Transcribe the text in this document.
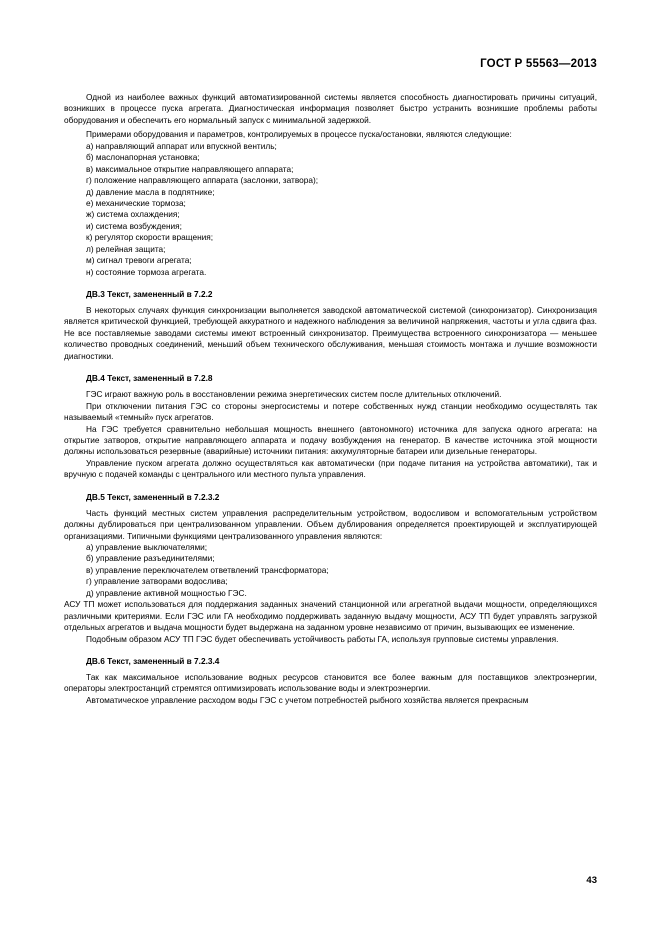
ГОСТ Р 55563—2013

Одной из наиболее важных функций автоматизированной системы является способность диагностировать причины ситуаций, возникших в процессе пуска агрегата. Диагностическая информация позволяет быстро устранить возникшие проблемы работы оборудования и обеспечить его нормальный запуск с минимальной задержкой.

Примерами оборудования и параметров, контролируемых в процессе пуска/остановки, являются следующие:

a) направляющий аппарат или впускной вентиль;
б) маслонапорная установка;
в) максимальное открытие направляющего аппарата;
г) положение направляющего аппарата (заслонки, затвора);
д) давление масла в подпятнике;
е) механические тормоза;
ж) система охлаждения;
и) система возбуждения;
к) регулятор скорости вращения;
л) релейная защита;
м) сигнал тревоги агрегата;
н) состояние тормоза агрегата.
ДВ.3 Текст, замененный в 7.2.2

В некоторых случаях функция синхронизации выполняется заводской автоматической системой (синхронизатор). Синхронизация является критической функцией, требующей аккуратного и надежного наблюдения за величиной напряжения, частоты и угла сдвига фаз. Не все поставляемые заводами системы имеют встроенный синхронизатор. Преимущества встроенного синхронизатора — меньшее количество проводных соединений, меньший объем технического обслуживания, меньшая стоимость монтажа и лучшие возможности диагностики.

ДВ.4 Текст, замененный в 7.2.8

ГЭС играют важную роль в восстановлении режима энергетических систем после длительных отключений.

При отключении питания ГЭС со стороны энергосистемы и потере собственных нужд станции необходимо осуществлять так называемый «темный» пуск агрегатов.

На ГЭС требуется сравнительно небольшая мощность внешнего (автономного) источника для запуска одного агрегата: на открытие затворов, открытие направляющего аппарата и подачу возбуждения на генератор. В качестве источника этой мощности должны использоваться резервные (аварийные) источники питания: аккумуляторные батареи или дизельные генераторы.

Управление пуском агрегата должно осуществляться как автоматически (при подаче питания на устройства автоматики), так и вручную с подачей команды с центрального или местного пульта управления.

ДВ.5 Текст, замененный в 7.2.3.2

Часть функций местных систем управления распределительным устройством, водосливом и вспомогательным устройством должны дублироваться при централизованном управлении. Объем дублирования определяется проектирующей и эксплуатирующей организациями. Типичными функциями централизованного управления являются:

a) управление выключателями;
б) управление разъединителями;
в) управление переключателем ответвлений трансформатора;
г) управление затворами водослива;
д) управление активной мощностью ГЭС.

АСУ ТП может использоваться для поддержания заданных значений станционной или агрегатной выдачи мощности, определяющихся различными критериями. Если ГЭС или ГА необходимо поддерживать заданную выдачу мощности, АСУ ТП будет управлять загрузкой отдельных агрегатов и выдача мощности будет выдержана на заданном уровне независимо от причин, вызывающих ее изменение.

Подобным образом АСУ ТП ГЭС будет обеспечивать устойчивость работы ГА, используя групповые системы управления.

ДВ.6 Текст, замененный в 7.2.3.4

Так как максимальное использование водных ресурсов становится все более важным для поставщиков электроэнергии, операторы электростанций стремятся оптимизировать использование воды и электроэнергии.

Автоматическое управление расходом воды ГЭС с учетом потребностей рыбного хозяйства является прекрасным

43
